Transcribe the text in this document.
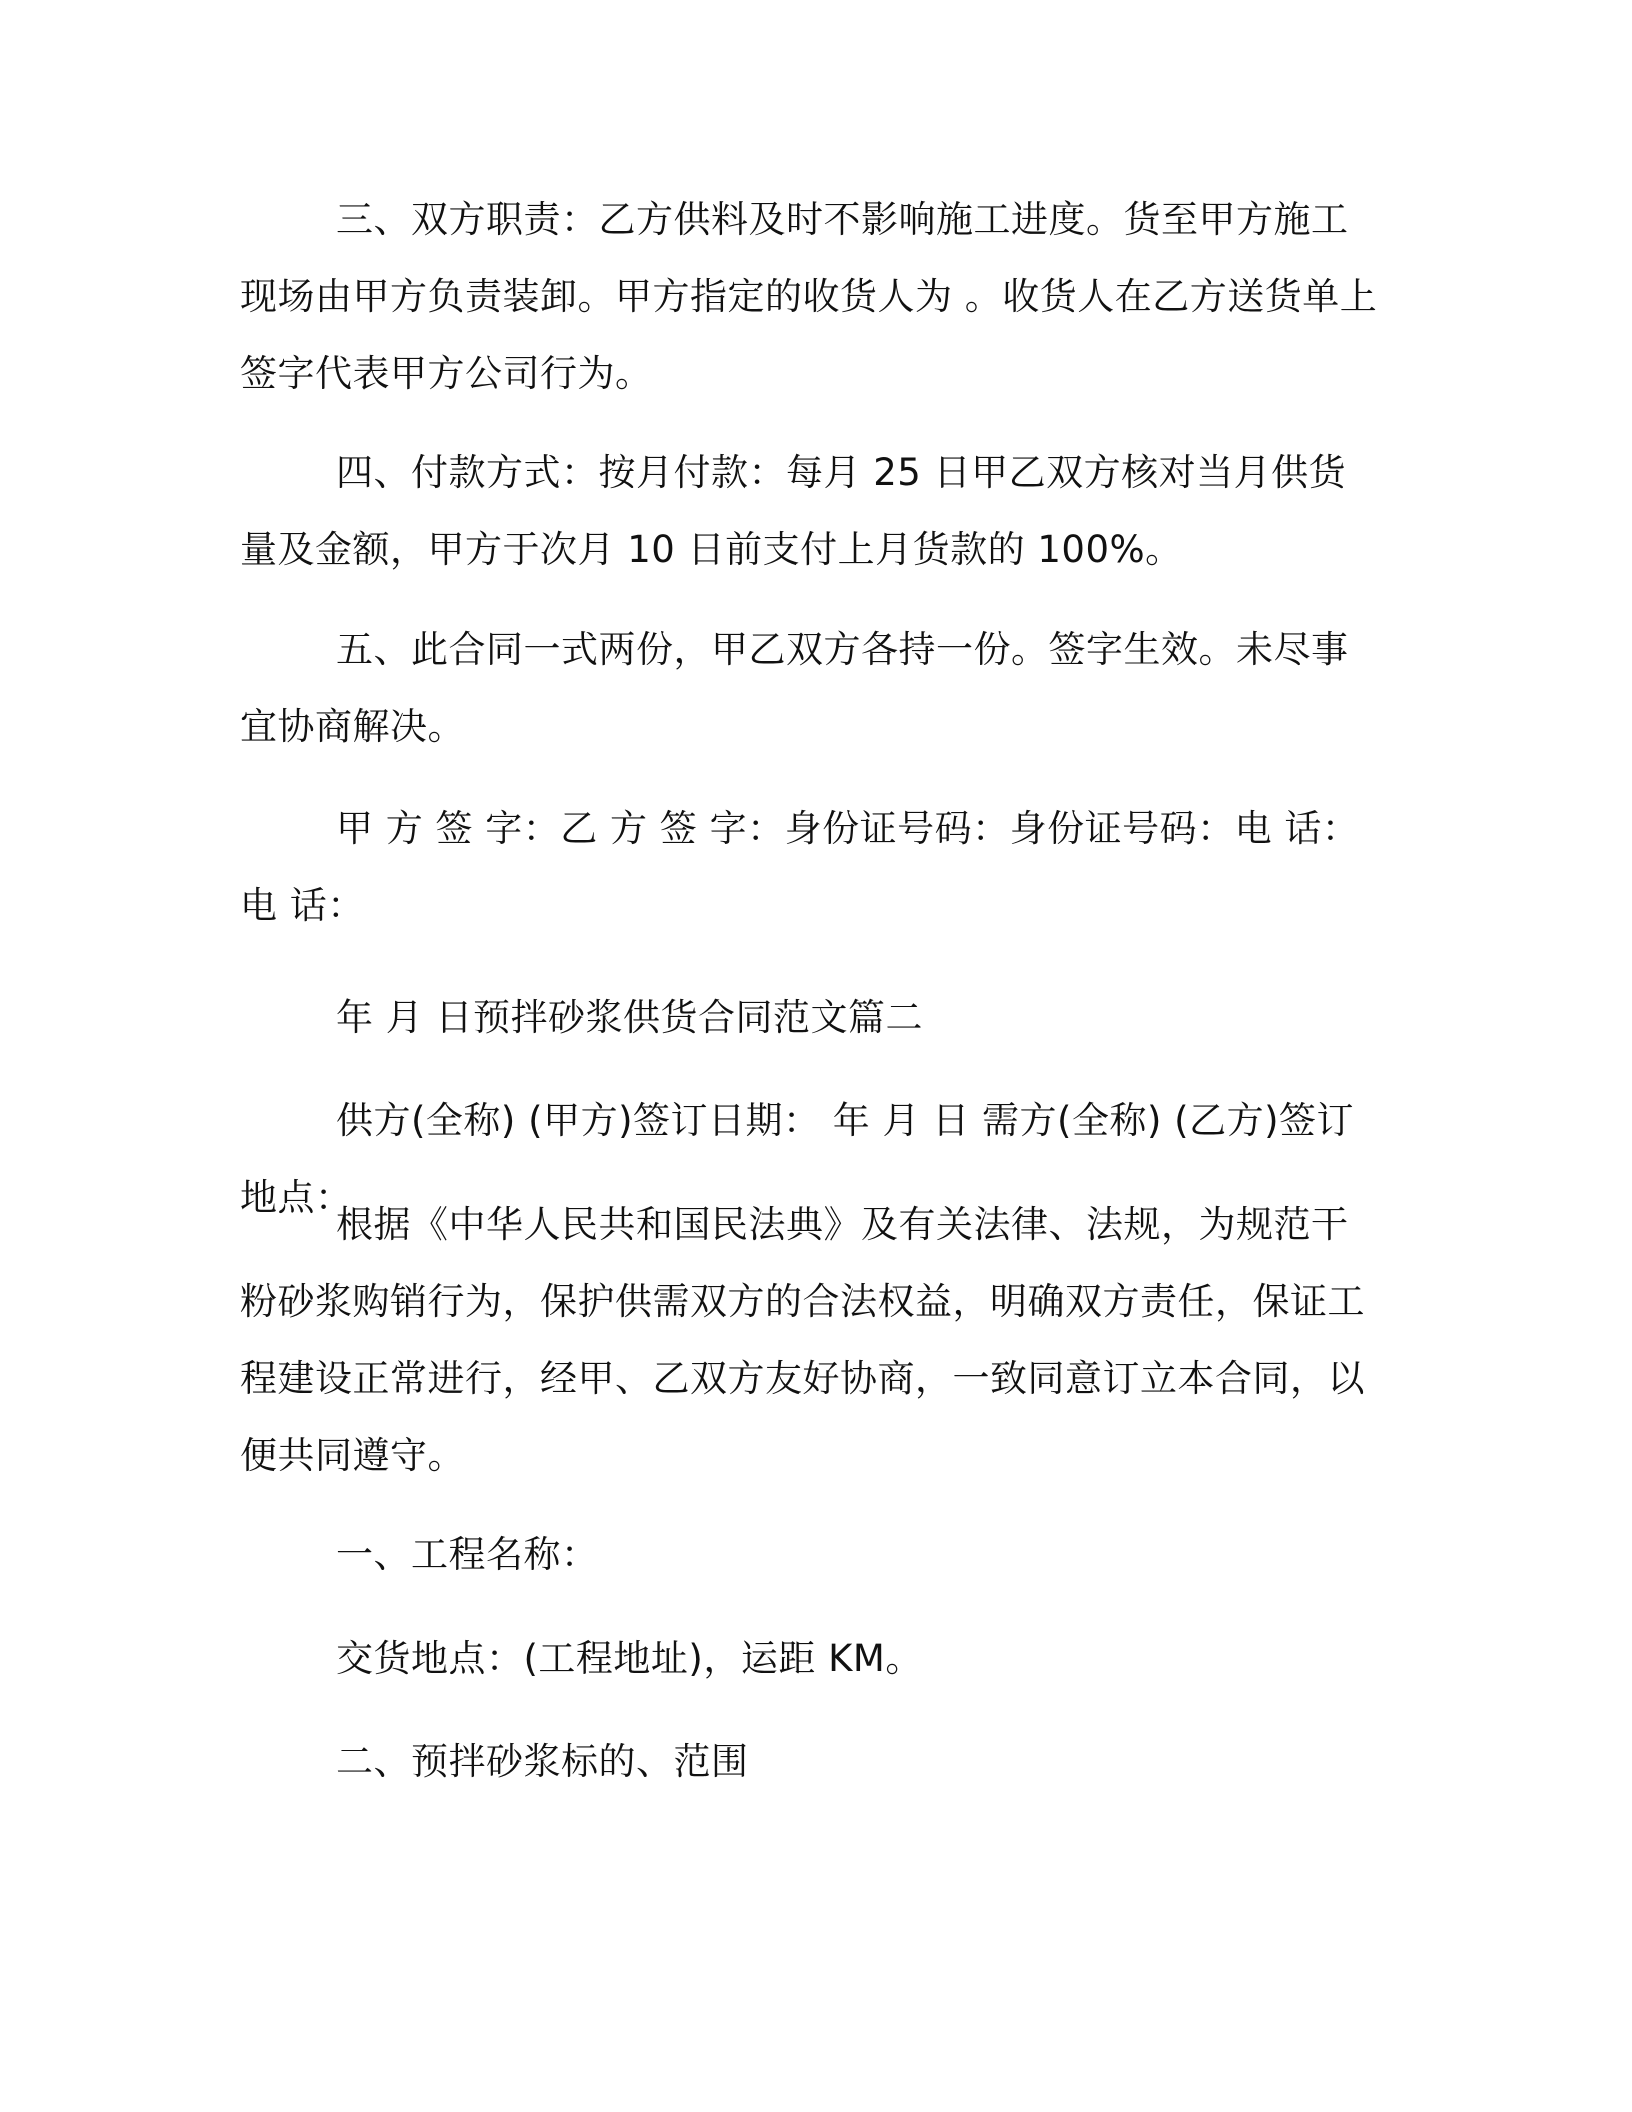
三、双方职责：乙方供料及时不影响施工进度。货至甲方施工现场由甲方负责装卸。甲方指定的收货人为 。收货人在乙方送货单上签字代表甲方公司行为。

四、付款方式：按月付款：每月 25 日甲乙双方核对当月供货量及金额，甲方于次月 10 日前支付上月货款的 100%。

五、此合同一式两份，甲乙双方各持一份。签字生效。未尽事宜协商解决。

甲 方 签 字：乙 方 签 字：身份证号码：身份证号码：电 话：电 话：

年 月 日预拌砂浆供货合同范文篇二

供方(全称) (甲方)签订日期： 年 月 日 需方(全称) (乙方)签订地点：

根据《中华人民共和国民法典》及有关法律、法规，为规范干粉砂浆购销行为，保护供需双方的合法权益，明确双方责任，保证工程建设正常进行，经甲、乙双方友好协商，一致同意订立本合同，以便共同遵守。

一、工程名称：

交货地点：(工程地址)，运距 KM。

二、预拌砂浆标的、范围
